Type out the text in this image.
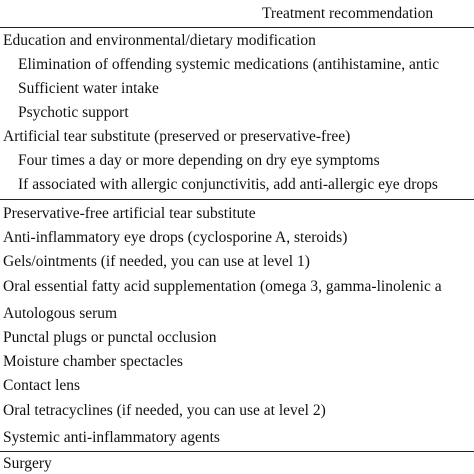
Treatment recommendation
Education and environmental/dietary modification
Elimination of offending systemic medications (antihistamine, antic
Sufficient water intake
Psychotic support
Artificial tear substitute (preserved or preservative-free)
Four times a day or more depending on dry eye symptoms
If associated with allergic conjunctivitis, add anti-allergic eye drops
Preservative-free artificial tear substitute
Anti-inflammatory eye drops (cyclosporine A, steroids)
Gels/ointments (if needed, you can use at level 1)
Oral essential fatty acid supplementation (omega 3, gamma-linolenic a
Autologous serum
Punctal plugs or punctal occlusion
Moisture chamber spectacles
Contact lens
Oral tetracyclines (if needed, you can use at level 2)
Systemic anti-inflammatory agents
Surgery
